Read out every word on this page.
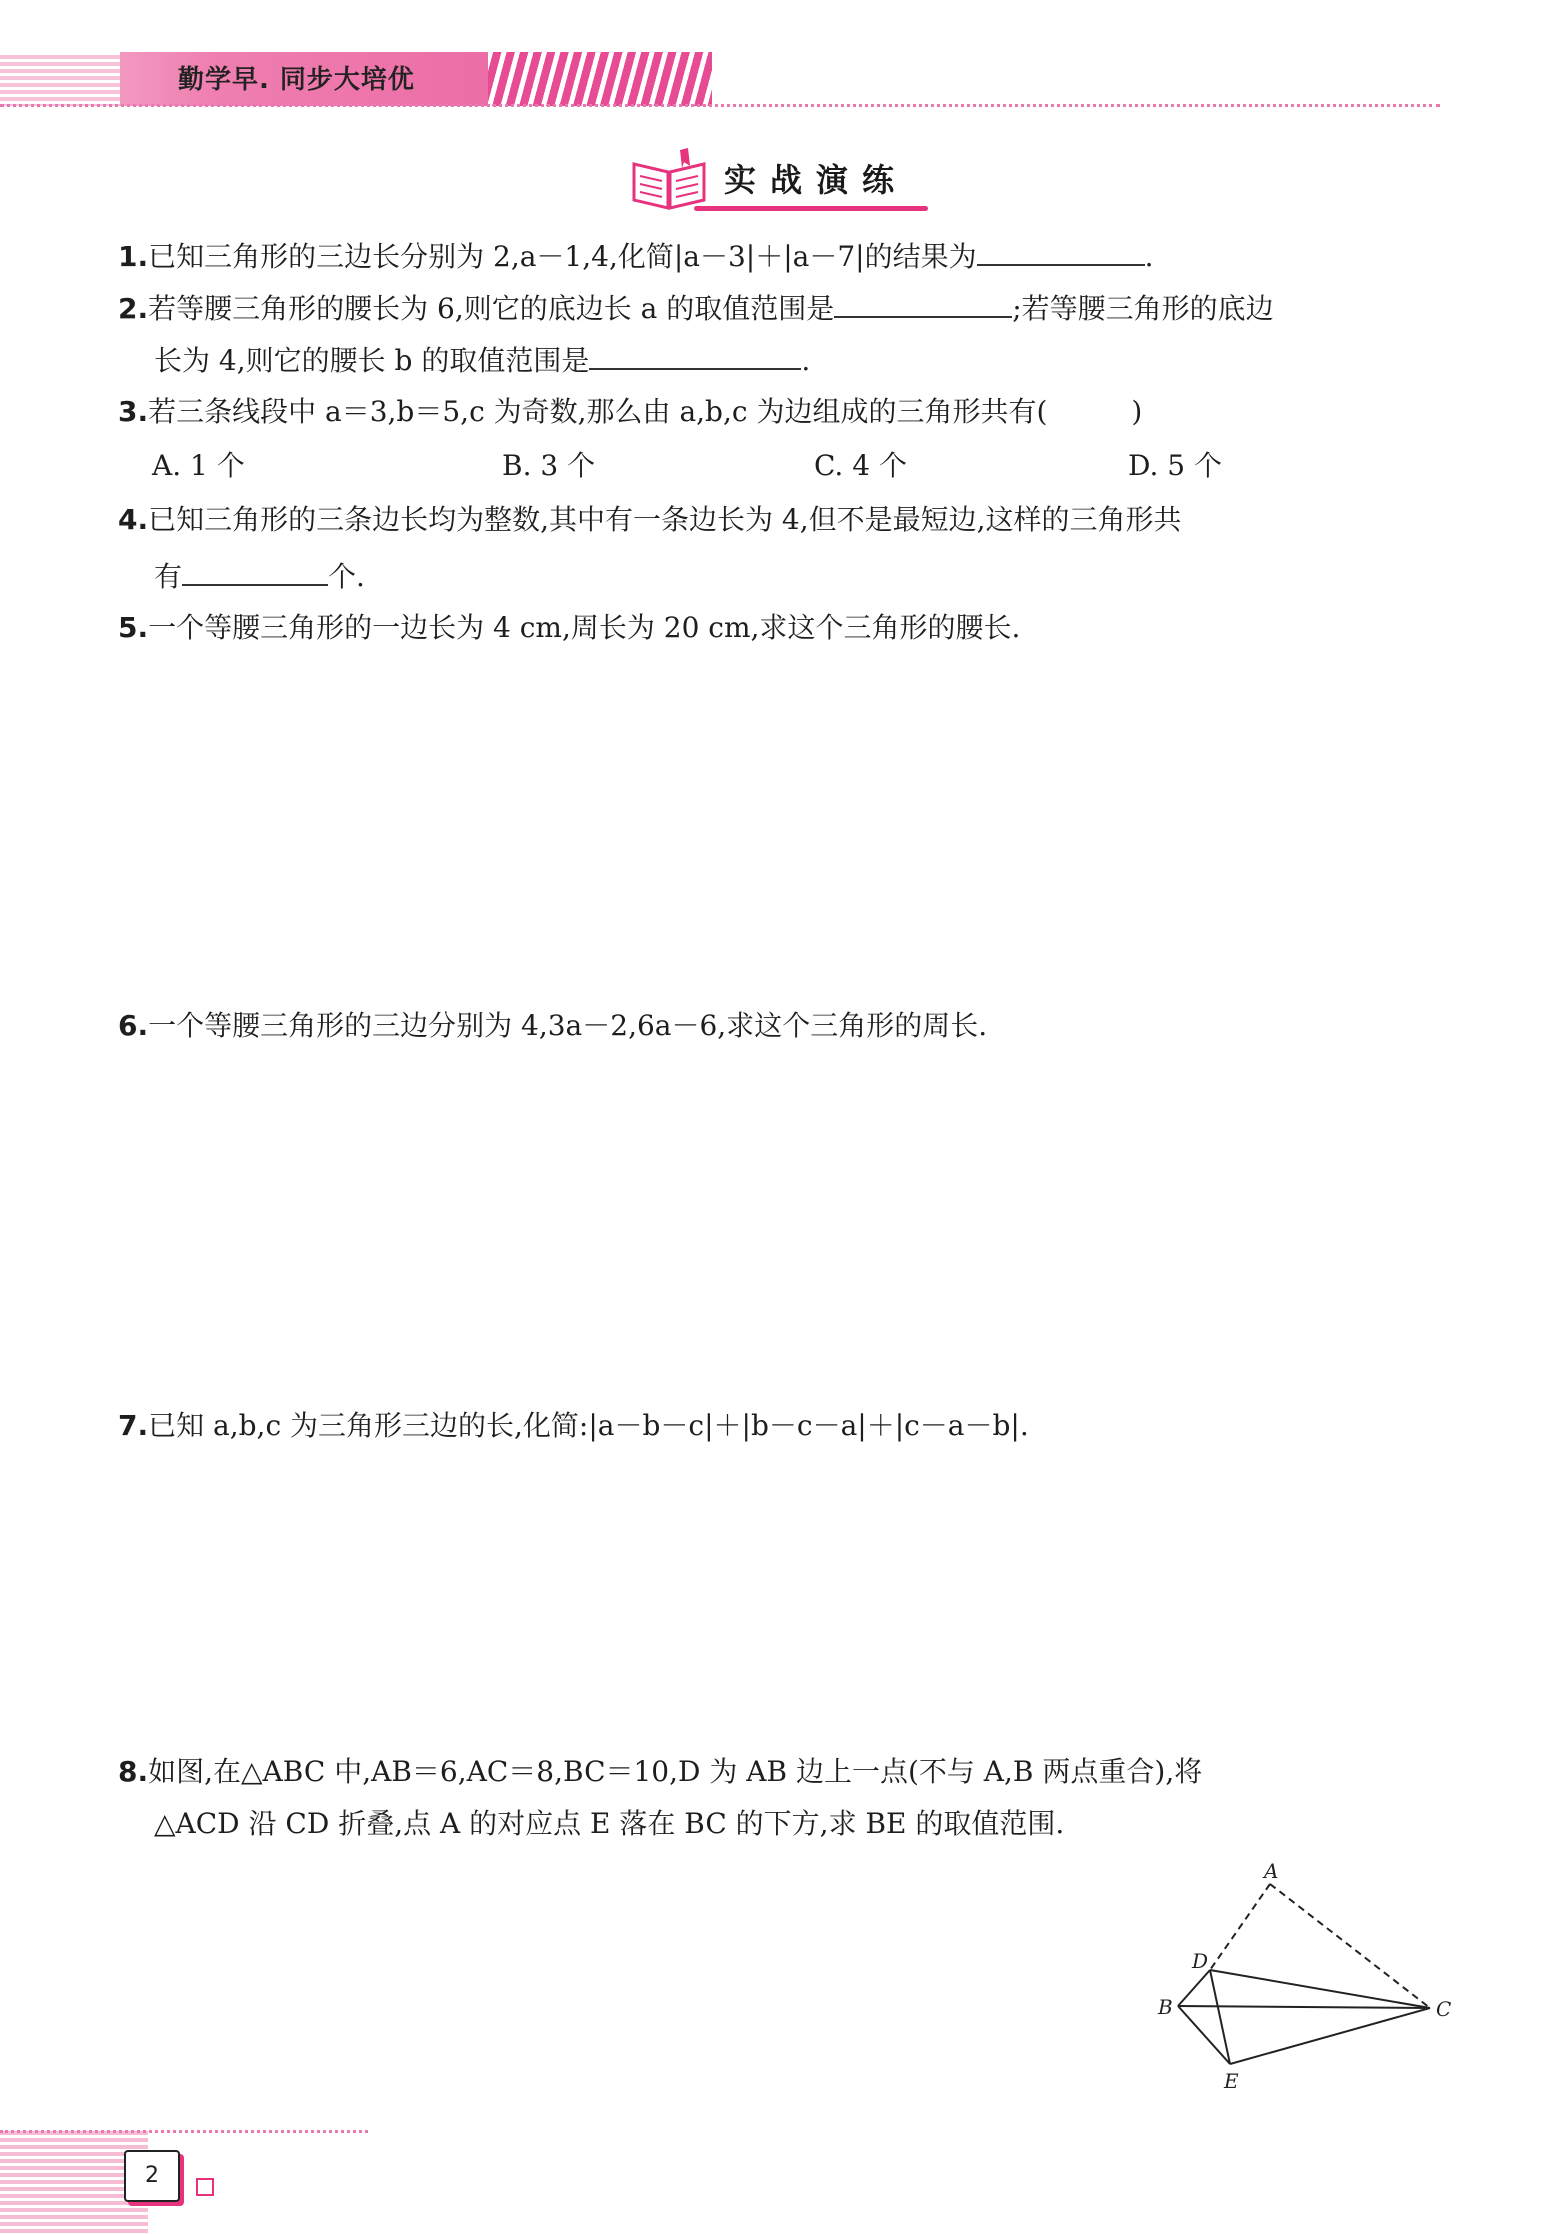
勤学早. 同步大培优
实战演练
1.已知三角形的三边长分别为 2,a－1,4,化简|a－3|＋|a－7|的结果为	.
2.若等腰三角形的腰长为 6,则它的底边长 a 的取值范围是	;若等腰三角形的底边
长为 4,则它的腰长 b 的取值范围是	.
3.若三条线段中 a＝3,b＝5,c 为奇数,那么由 a,b,c 为边组成的三角形共有(　　　)
A. 1 个	B. 3 个	C. 4 个	D. 5 个
4.已知三角形的三条边长均为整数,其中有一条边长为 4,但不是最短边,这样的三角形共
有	个.
5.一个等腰三角形的一边长为 4 cm,周长为 20 cm,求这个三角形的腰长.
6.一个等腰三角形的三边分别为 4,3a－2,6a－6,求这个三角形的周长.
7.已知 a,b,c 为三角形三边的长,化简:|a－b－c|＋|b－c－a|＋|c－a－b|.
8.如图,在△ABC 中,AB＝6,AC＝8,BC＝10,D 为 AB 边上一点(不与 A,B 两点重合),将
△ACD 沿 CD 折叠,点 A 的对应点 E 落在 BC 的下方,求 BE 的取值范围.
A
B	C
D
E
2
